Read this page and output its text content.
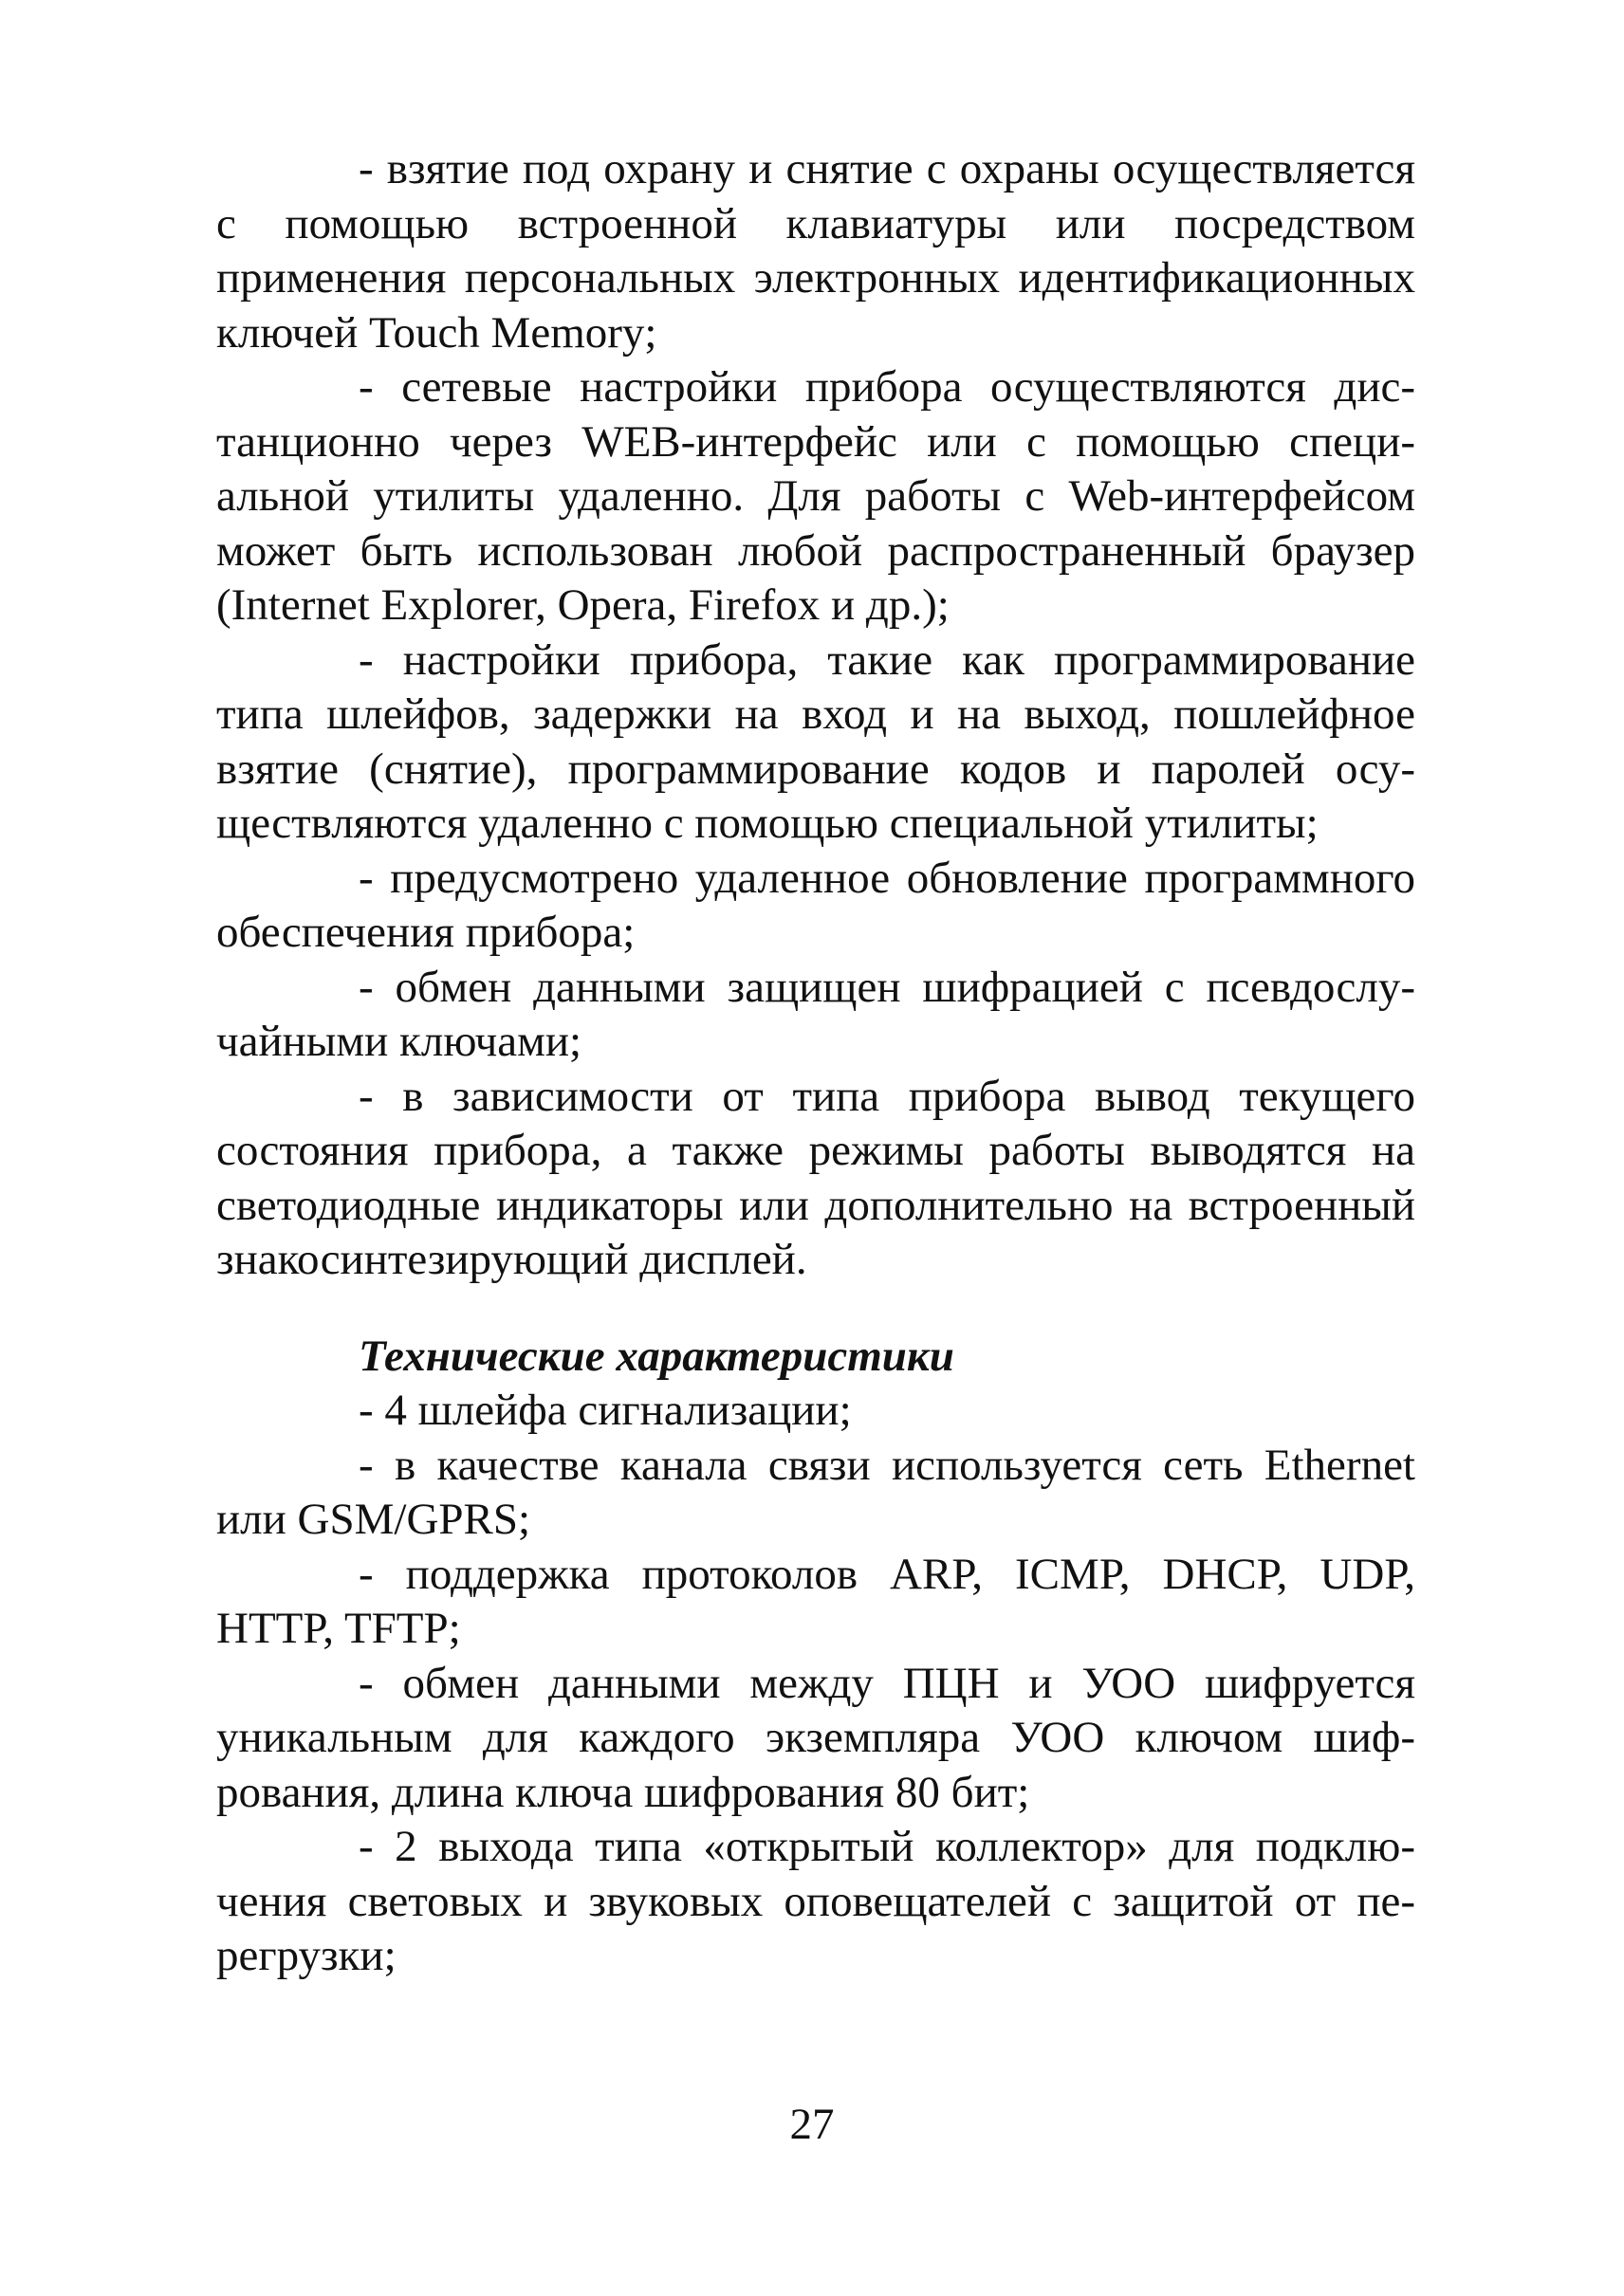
- взятие под охрану и снятие с охраны осуществляется с помощью встроенной клавиатуры или посредством применения персональных электронных идентификационных ключей Touch Memory;

- сетевые настройки прибора осуществляются дистанционно через WEB-интерфейс или с помощью специальной утилиты удаленно. Для работы с Web-интерфейсом может быть использован любой распространенный браузер (Internet Explorer, Opera, Firefox и др.);

- настройки прибора, такие как программирование типа шлейфов, задержки на вход и на выход, пошлейфное взятие (снятие), программирование кодов и паролей осуществляются удаленно с помощью специальной утилиты;

- предусмотрено удаленное обновление программного обеспечения прибора;

- обмен данными защищен шифрацией с псевдослучайными ключами;

- в зависимости от типа прибора вывод текущего состояния прибора, а также режимы работы выводятся на светодиодные индикаторы или дополнительно на встроенный знакосинтезирующий дисплей.

Технические характеристики

- 4 шлейфа сигнализации;

- в качестве канала связи используется сеть Ethernet или GSM/GPRS;

- поддержка протоколов ARP, ICMP, DHCP, UDP, HTTP, TFTP;

- обмен данными между ПЦН и УОО шифруется уникальным для каждого экземпляра УОО ключом шифрования, длина ключа шифрования 80 бит;

- 2 выхода типа «открытый коллектор» для подключения световых и звуковых оповещателей с защитой от перегрузки;

27
